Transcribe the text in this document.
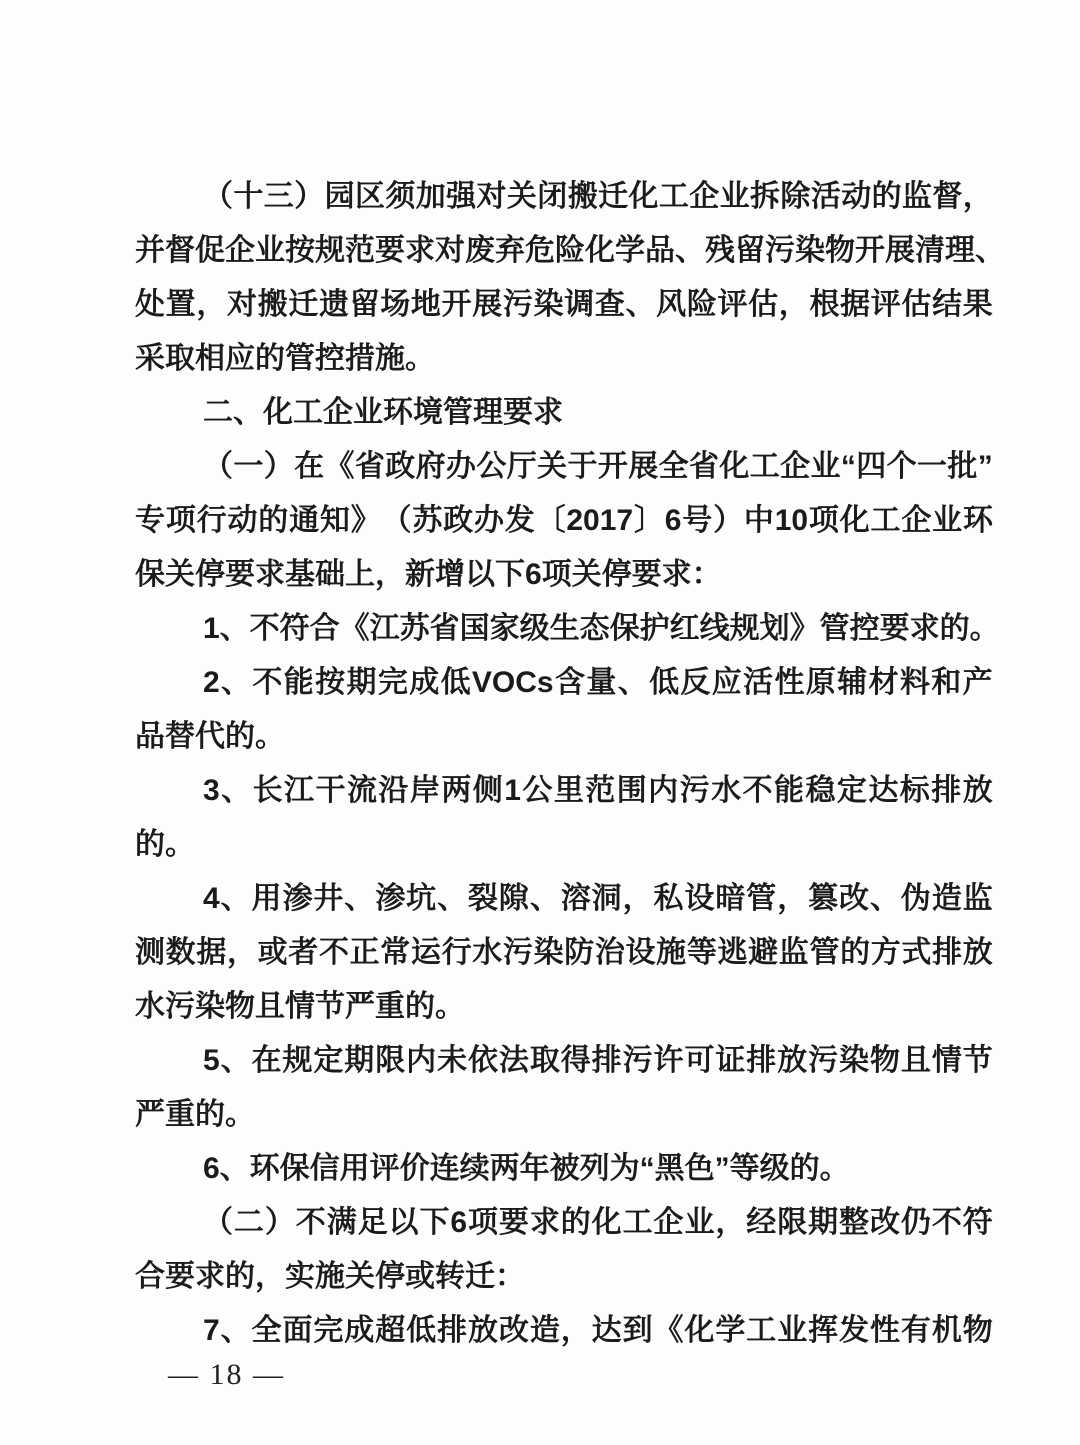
（ 十 三 ） 园 区 须 加 强 对 关 闭 搬 迁 化 工 企 业 拆 除 活 动 的 监 督 ，
并 督 促 企 业 按 规 范 要 求 对 废 弃 危 险 化 学 品 、 残 留 污 染 物 开 展 清 理 、
处 置 ， 对 搬 迁 遗 留 场 地 开 展 污 染 调 查 、 风 险 评 估 ， 根 据 评 估 结 果
采取相应的管控措施。
二、化工企业环境管理要求
（ 一 ） 在 《 省 政 府 办 公 厅 关 于 开 展 全 省 化 工 企 业 “ 四 个 一 批 ”
专 项 行 动 的 通 知 》 （ 苏 政 办 发 〔 2017 〕 6 号 ） 中 10 项 化 工 企 业 环
保关停要求基础上，新增以下6项关停要求：
1、不符合《江苏省国家级生态保护红线规划》管控要求的。
2 、 不 能 按 期 完 成 低 VOCs 含 量 、 低 反 应 活 性 原 辅 材 料 和 产
品替代的。
3 、 长 江 干 流 沿 岸 两 侧 1 公 里 范 围 内 污 水 不 能 稳 定 达 标 排 放
的。
4 、 用 渗 井 、 渗 坑 、 裂 隙 、 溶 洞 ， 私 设 暗 管 ， 篡 改 、 伪 造 监
测 数 据 ， 或 者 不 正 常 运 行 水 污 染 防 治 设 施 等 逃 避 监 管 的 方 式 排 放
水污染物且情节严重的。
5 、 在 规 定 期 限 内 未 依 法 取 得 排 污 许 可 证 排 放 污 染 物 且 情 节
严重的。
6、环保信用评价连续两年被列为“黑色”等级的。
（ 二 ） 不 满 足 以 下 6 项 要 求 的 化 工 企 业 ， 经 限 期 整 改 仍 不 符
合要求的，实施关停或转迁：
7 、 全 面 完 成 超 低 排 放 改 造 ， 达 到 《 化 学 工 业 挥 发 性 有 机 物
— 18 —
